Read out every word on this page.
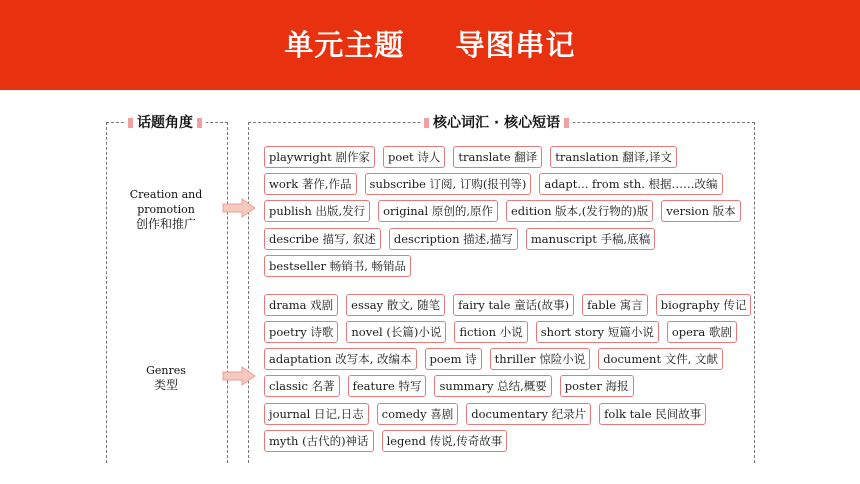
单元主题 导图串记
话题角度	核心词汇 · 核心短语
Creation and promotion
创作和推广
Genres
类型
playwright 剧作家	poet 诗人	translate 翻译	translation 翻译,译文
work 著作,作品	subscribe 订阅, 订购(报刊等)	adapt... from sth. 根据……改编
publish 出版,发行	original 原创的,原作	edition 版本,(发行物的)版	version 版本
describe 描写, 叙述	description 描述,描写	manuscript 手稿,底稿
bestseller 畅销书, 畅销品
drama 戏剧	essay 散文, 随笔	fairy tale 童话(故事)	fable 寓言	biography 传记
poetry 诗歌	novel (长篇)小说	fiction 小说	short story 短篇小说	opera 歌剧
adaptation 改写本, 改编本	poem 诗	thriller 惊险小说	document 文件, 文献
classic 名著	feature 特写	summary 总结,概要	poster 海报
journal 日记,日志	comedy 喜剧	documentary 纪录片	folk tale 民间故事
myth (古代的)神话	legend 传说,传奇故事
